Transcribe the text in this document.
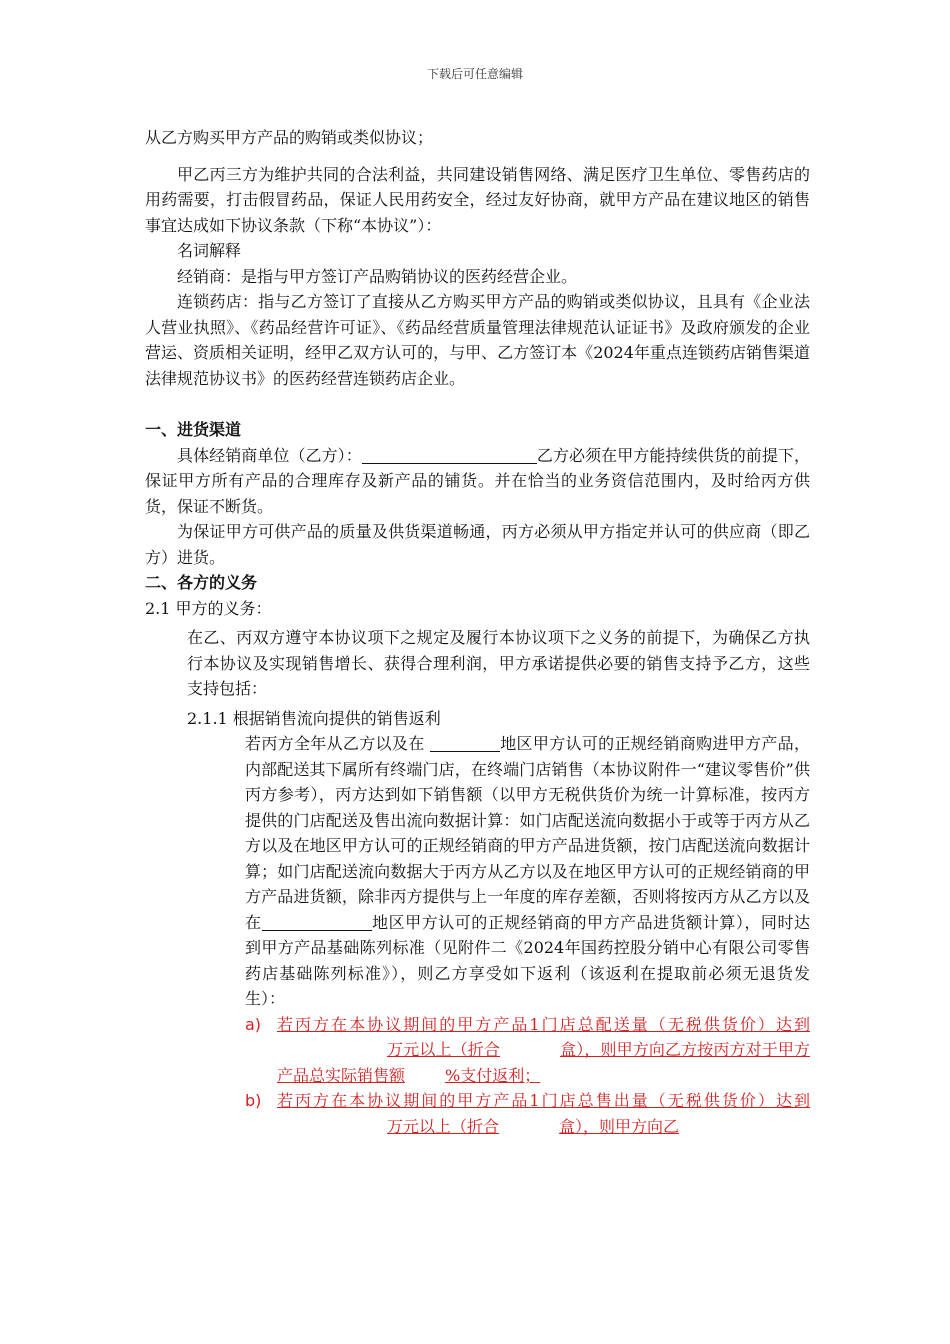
下载后可任意编辑

从乙方购买甲方产品的购销或类似协议；

甲乙丙三方为维护共同的合法利益，共同建设销售网络、满足医疗卫生单位、零售药店的用药需要，打击假冒药品，保证人民用药安全，经过友好协商，就甲方产品在建议地区的销售事宜达成如下协议条款（下称“本协议”）：

名词解释

经销商：是指与甲方签订产品购销协议的医药经营企业。

连锁药店：指与乙方签订了直接从乙方购买甲方产品的购销或类似协议，且具有《企业法人营业执照》、《药品经营许可证》、《药品经营质量管理法律规范认证证书》及政府颁发的企业营运、资质相关证明，经甲乙双方认可的，与甲、乙方签订本《2024年重点连锁药店销售渠道法律规范协议书》的医药经营连锁药店企业。

一、进货渠道

具体经销商单位（乙方）：	乙方必须在甲方能持续供货的前提下，保证甲方所有产品的合理库存及新产品的铺货。并在恰当的业务资信范围内，及时给丙方供货，保证不断货。

为保证甲方可供产品的质量及供货渠道畅通，丙方必须从甲方指定并认可的供应商（即乙方）进货。

二、各方的义务

2.1 甲方的义务：

在乙、丙双方遵守本协议项下之规定及履行本协议项下之义务的前提下，为确保乙方执行本协议及实现销售增长、获得合理利润，甲方承诺提供必要的销售支持予乙方，这些支持包括：

2.1.1 根据销售流向提供的销售返利

若丙方全年从乙方以及在	地区甲方认可的正规经销商购进甲方产品，内部配送其下属所有终端门店，在终端门店销售（本协议附件一“建议零售价”供丙方参考），丙方达到如下销售额（以甲方无税供货价为统一计算标准，按丙方提供的门店配送及售出流向数据计算：如门店配送流向数据小于或等于丙方从乙方以及在地区甲方认可的正规经销商的甲方产品进货额，按门店配送流向数据计算；如门店配送流向数据大于丙方从乙方以及在地区甲方认可的正规经销商的甲方产品进货额，除非丙方提供与上一年度的库存差额，否则将按丙方从乙方以及在	地区甲方认可的正规经销商的甲方产品进货额计算），同时达到甲方产品基础陈列标准（见附件二《2024年国药控股分销中心有限公司零售药店基础陈列标准》），则乙方享受如下返利（该返利在提取前必须无退货发生）：

a) 若丙方在本协议期间的甲方产品1门店总配送量（无税供货价）达到万元以上（折合	盒），则甲方向乙方按丙方对于甲方产品总实际销售额	%支付返利；

b) 若丙方在本协议期间的甲方产品1门店总售出量（无税供货价）达到万元以上（折合	盒），则甲方向乙
